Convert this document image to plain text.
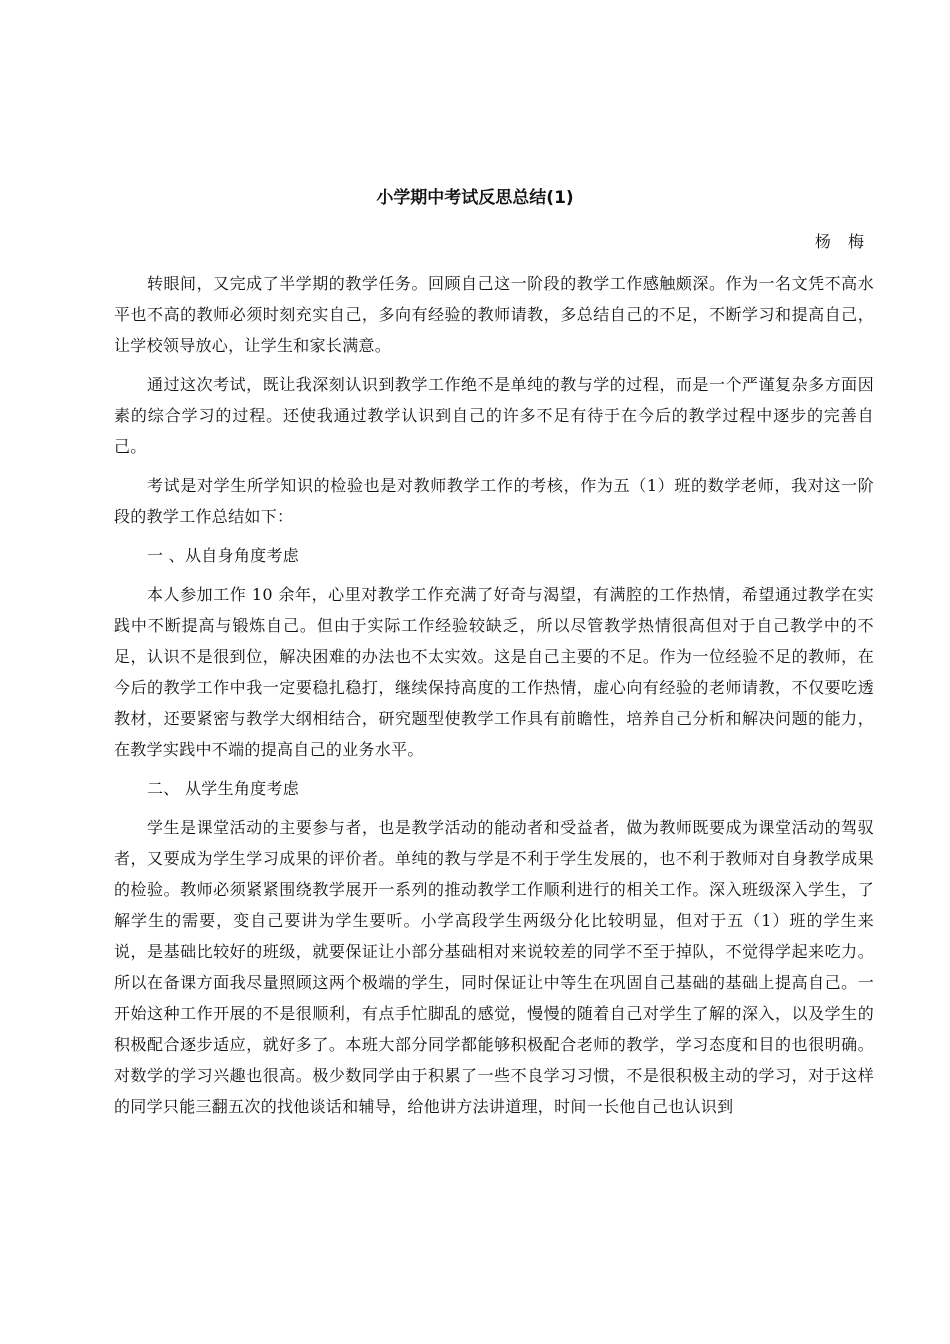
小学期中考试反思总结(1)

杨 梅

转眼间，又完成了半学期的教学任务。回顾自己这一阶段的教学工作感触颇深。作为一名文凭不高水平也不高的教师必须时刻充实自己，多向有经验的教师请教，多总结自己的不足，不断学习和提高自己，让学校领导放心，让学生和家长满意。

通过这次考试，既让我深刻认识到教学工作绝不是单纯的教与学的过程，而是一个严谨复杂多方面因素的综合学习的过程。还使我通过教学认识到自己的许多不足有待于在今后的教学过程中逐步的完善自己。

考试是对学生所学知识的检验也是对教师教学工作的考核，作为五（1）班的数学老师，我对这一阶段的教学工作总结如下：

一 、从自身角度考虑

本人参加工作 10 余年，心里对教学工作充满了好奇与渴望，有满腔的工作热情，希望通过教学在实践中不断提高与锻炼自己。但由于实际工作经验较缺乏，所以尽管教学热情很高但对于自己教学中的不足，认识不是很到位，解决困难的办法也不太实效。这是自己主要的不足。作为一位经验不足的教师，在今后的教学工作中我一定要稳扎稳打，继续保持高度的工作热情，虚心向有经验的老师请教，不仅要吃透教材，还要紧密与教学大纲相结合，研究题型使教学工作具有前瞻性，培养自己分析和解决问题的能力，在教学实践中不端的提高自己的业务水平。

二、 从学生角度考虑

学生是课堂活动的主要参与者，也是教学活动的能动者和受益者，做为教师既要成为课堂活动的驾驭者，又要成为学生学习成果的评价者。单纯的教与学是不利于学生发展的，也不利于教师对自身教学成果的检验。教师必须紧紧围绕教学展开一系列的推动教学工作顺利进行的相关工作。深入班级深入学生，了解学生的需要，变自己要讲为学生要听。小学高段学生两级分化比较明显，但对于五（1）班的学生来说，是基础比较好的班级，就要保证让小部分基础相对来说较差的同学不至于掉队，不觉得学起来吃力。所以在备课方面我尽量照顾这两个极端的学生，同时保证让中等生在巩固自己基础的基础上提高自己。一开始这种工作开展的不是很顺利，有点手忙脚乱的感觉，慢慢的随着自己对学生了解的深入，以及学生的积极配合逐步适应，就好多了。本班大部分同学都能够积极配合老师的教学，学习态度和目的也很明确。对数学的学习兴趣也很高。极少数同学由于积累了一些不良学习习惯，不是很积极主动的学习，对于这样的同学只能三翻五次的找他谈话和辅导，给他讲方法讲道理，时间一长他自己也认识到
